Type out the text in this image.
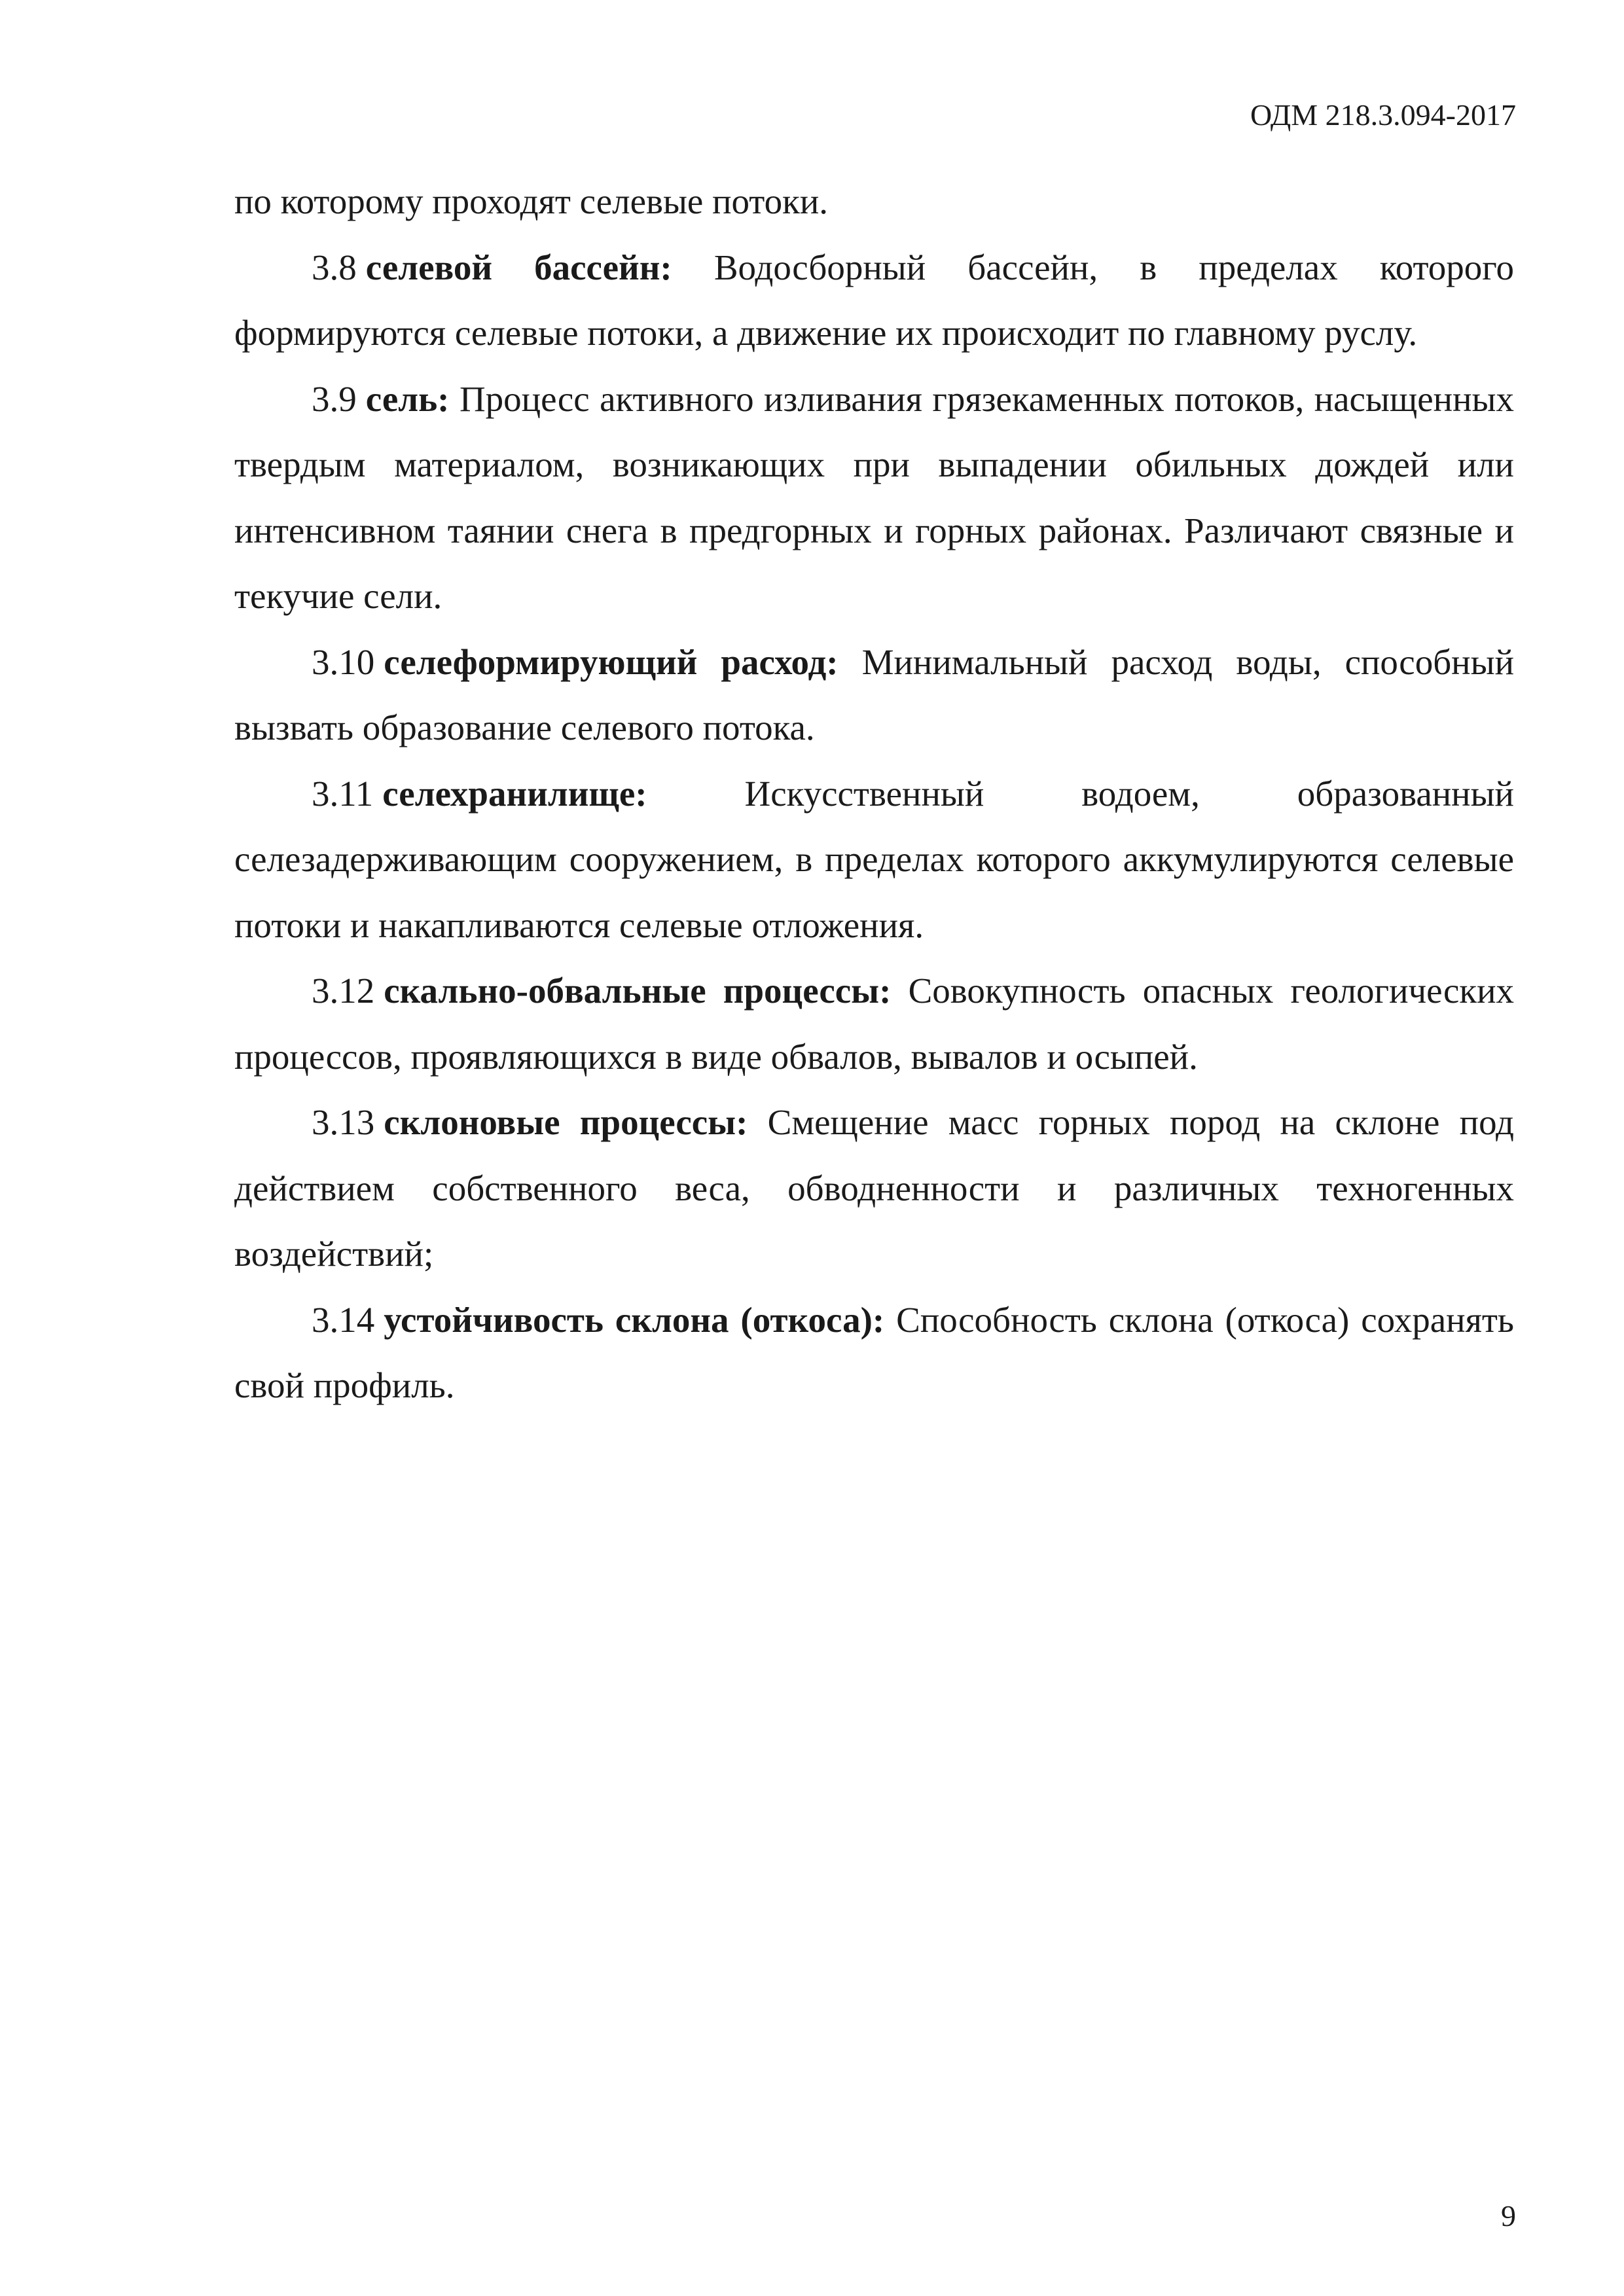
ОДМ 218.3.094-2017

по которому проходят селевые потоки.

3.8 селевой бассейн: Водосборный бассейн, в пределах которого формируются селевые потоки, а движение их происходит по главному руслу.

3.9 сель: Процесс активного изливания грязекаменных потоков, насыщенных твердым материалом, возникающих при выпадении обильных дождей или интенсивном таянии снега в предгорных и горных районах. Различают связные и текучие сели.

3.10 селеформирующий расход: Минимальный расход воды, способный вызвать образование селевого потока.

3.11 селехранилище:	Искусственный водоем, образованный селезадерживающим сооружением, в пределах которого аккумулируются селевые потоки и накапливаются селевые отложения.

3.12 скально-обвальные процессы: Совокупность опасных геологических процессов, проявляющихся в виде обвалов, вывалов и осыпей.

3.13 склоновые процессы: Смещение масс горных пород на склоне под действием собственного веса, обводненности и различных техногенных воздействий;

3.14 устойчивость склона (откоса): Способность склона (откоса) сохранять свой профиль.

9
